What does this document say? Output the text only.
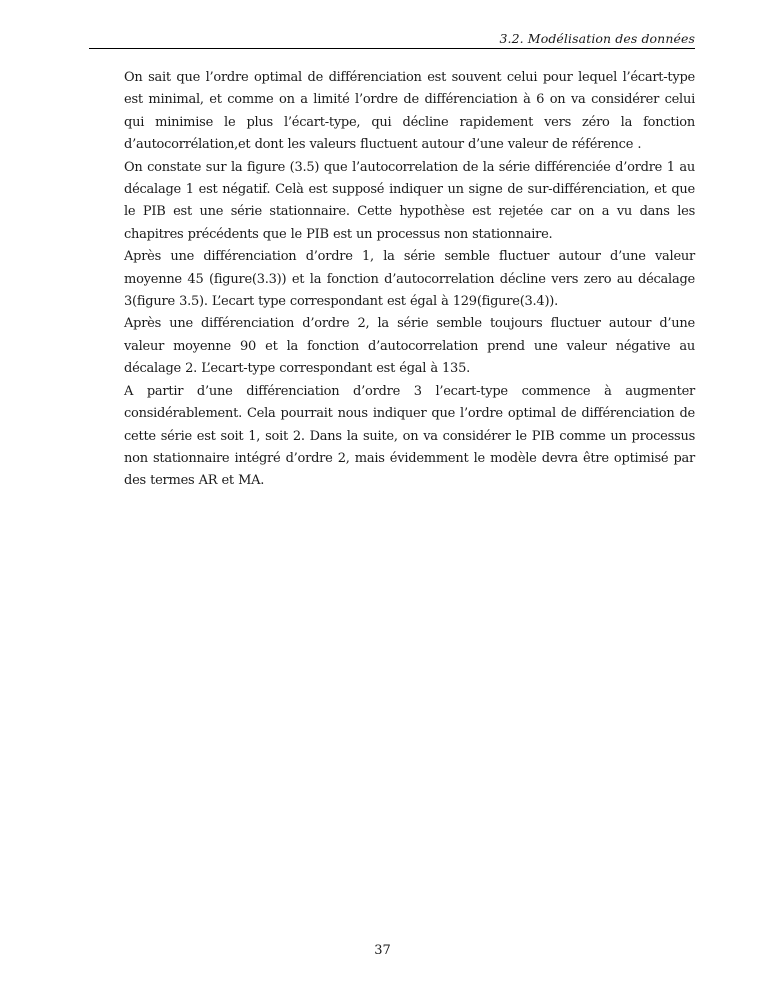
3.2. Modélisation des données

On sait que l’ordre optimal de différenciation est souvent celui pour lequel l’écart-type est minimal, et comme on a limité l’ordre de différenciation à 6 on va considérer celui qui minimise le plus l’écart-type, qui décline rapidement vers zéro la fonction d’autocorrélation,et dont les valeurs fluctuent autour d’une valeur de référence .

On constate sur la figure (3.5) que l’autocorrelation de la série différenciée d’ordre 1 au décalage 1 est négatif. Celà est supposé indiquer un signe de sur-différenciation, et que le PIB est une série stationnaire. Cette hypothèse est rejetée car on a vu dans les chapitres précédents que le PIB est un processus non stationnaire.

Après une différenciation d’ordre 1, la série semble fluctuer autour d’une valeur moyenne 45 (figure(3.3)) et la fonction d’autocorrelation décline vers zero au décalage 3(figure 3.5). L’ecart type correspondant est égal à 129(figure(3.4)).

Après une différenciation d’ordre 2, la série semble toujours fluctuer autour d’une valeur moyenne 90 et la fonction d’autocorrelation prend une valeur négative au décalage 2. L’ecart-type correspondant est égal à 135.

A partir d’une différenciation d’ordre 3 l’ecart-type commence à augmenter considérablement. Cela pourrait nous indiquer que l’ordre optimal de différenciation de cette série est soit 1, soit 2. Dans la suite, on va considérer le PIB comme un processus non stationnaire intégré d’ordre 2, mais évidemment le modèle devra être optimisé par des termes AR et MA.

37
